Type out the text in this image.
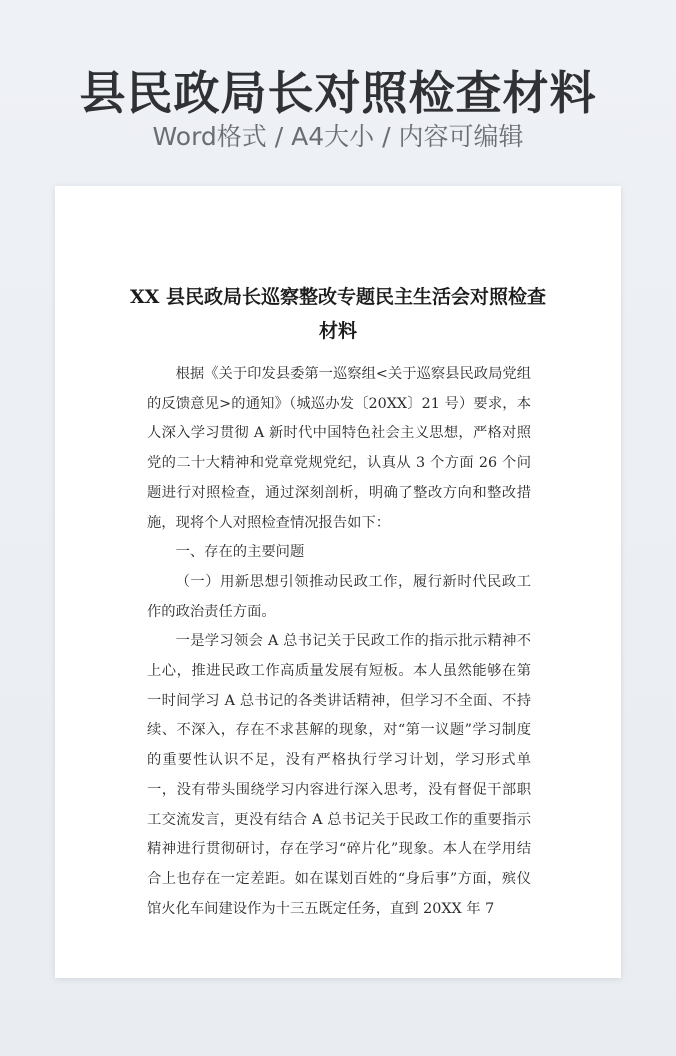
县民政局长对照检查材料
Word格式 / A4大小 / 内容可编辑
XX 县民政局长巡察整改专题民主生活会对照检查材料

根据《关于印发县委第一巡察组<关于巡察县民政局党组的反馈意见>的通知》（城巡办发〔20XX〕21 号）要求，本人深入学习贯彻 A 新时代中国特色社会主义思想，严格对照党的二十大精神和党章党规党纪，认真从 3 个方面 26 个问题进行对照检查，通过深刻剖析，明确了整改方向和整改措施，现将个人对照检查情况报告如下：

一、存在的主要问题

（一）用新思想引领推动民政工作，履行新时代民政工作的政治责任方面。

一是学习领会 A 总书记关于民政工作的指示批示精神不上心，推进民政工作高质量发展有短板。本人虽然能够在第一时间学习 A 总书记的各类讲话精神，但学习不全面、不持续、不深入，存在不求甚解的现象，对“第一议题”学习制度的重要性认识不足，没有严格执行学习计划，学习形式单一，没有带头围绕学习内容进行深入思考，没有督促干部职工交流发言，更没有结合 A 总书记关于民政工作的重要指示精神进行贯彻研讨，存在学习“碎片化”现象。本人在学用结合上也存在一定差距。如在谋划百姓的“身后事”方面，殡仪馆火化车间建设作为十三五既定任务，直到 20XX 年 7
